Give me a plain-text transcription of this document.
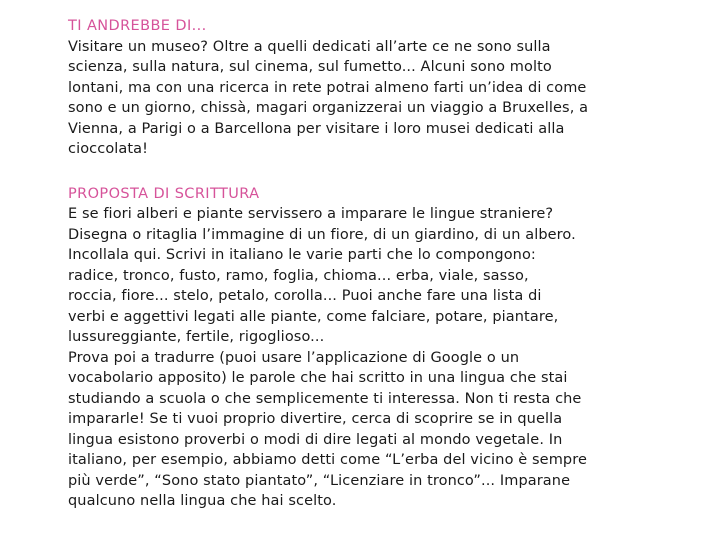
TI ANDREBBE DI...

Visitare un museo? Oltre a quelli dedicati all’arte ce ne sono sulla

scienza, sulla natura, sul cinema, sul fumetto... Alcuni sono molto

lontani, ma con una ricerca in rete potrai almeno farti un’idea di come

sono e un giorno, chissà, magari organizzerai un viaggio a Bruxelles, a

Vienna, a Parigi o a Barcellona per visitare i loro musei dedicati alla

cioccolata!

PROPOSTA DI SCRITTURA

E se fiori alberi e piante servissero a imparare le lingue straniere?

Disegna o ritaglia l’immagine di un fiore, di un giardino, di un albero.

Incollala qui. Scrivi in italiano le varie parti che lo compongono:

radice, tronco, fusto, ramo, foglia, chioma... erba, viale, sasso,

roccia, fiore... stelo, petalo, corolla... Puoi anche fare una lista di

verbi e aggettivi legati alle piante, come falciare, potare, piantare,

lussureggiante, fertile, rigoglioso...

Prova poi a tradurre (puoi usare l’applicazione di Google o un

vocabolario apposito) le parole che hai scritto in una lingua che stai

studiando a scuola o che semplicemente ti interessa. Non ti resta che

impararle! Se ti vuoi proprio divertire, cerca di scoprire se in quella

lingua esistono proverbi o modi di dire legati al mondo vegetale. In

italiano, per esempio, abbiamo detti come “L’erba del vicino è sempre

più verde”, “Sono stato piantato”, “Licenziare in tronco”... Imparane

qualcuno nella lingua che hai scelto.
